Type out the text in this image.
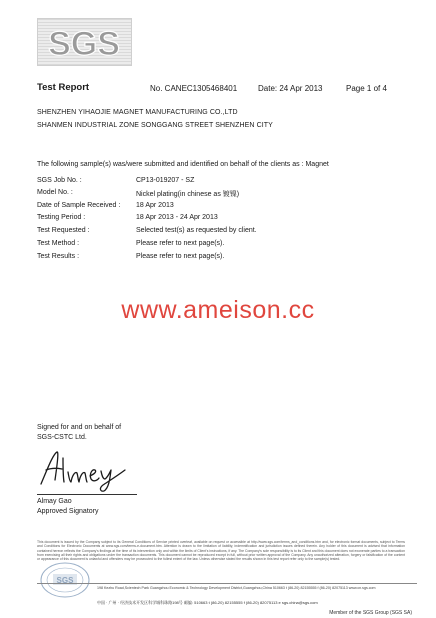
SGS
Test Report	No. CANEC1305468401	Date: 24 Apr 2013	Page 1 of 4
SHENZHEN YIHAOJIE MAGNET MANUFACTURING CO.,LTD
SHANMEN INDUSTRIAL ZONE SONGGANG STREET SHENZHEN CITY
The following sample(s) was/were submitted and identified on behalf of the clients as : Magnet
SGS Job No. :	CP13-019207 - SZ
Model No. :	Nickel plating(in chinese as 镀镍)
Date of Sample Received : 18 Apr 2013
Testing Period :	18 Apr 2013 - 24 Apr 2013
Test Requested :	Selected test(s) as requested by client.
Test Method :	Please refer to next page(s).
Test Results :	Please refer to next page(s).
www.ameison.cc
Signed for and on behalf of
SGS-CSTC Ltd.
Almay Gao
Approved Signatory
This document is issued by the Company subject to its General Conditions of Service printed overleaf, available on request or accessible at http://www.sgs.com/terms_and_conditions.htm and, for electronic format documents, subject to Terms and Conditions for Electronic Documents at www.sgs.com/terms-e-document.htm. Attention is drawn to the limitation of liability, indemnification and jurisdiction issues defined therein. Any holder of this document is advised that information contained hereon reflects the Company's findings at the time of its intervention only and within the limits of Client's instructions, if any. The Company's sole responsibility is to its Client and this document does not exonerate parties to a transaction from exercising all their rights and obligations under the transaction documents. This document cannot be reproduced except in full, without prior written approval of the Company. Any unauthorized alteration, forgery or falsification of the content or appearance of this document is unlawful and offenders may be prosecuted to the fullest extent of the law. Unless otherwise stated the results shown in this test report refer only to the sample(s) tested.
SGS
198 Kezhu Road,Scientech Park Guangzhou Economic & Technology Development District,Guangzhou,China 510663 t (86-20) 82155555 f (86-20) 82075113 www.cn.sgs.com
中国 · 广州 · 经济技术开发区科学城科珠路198号 邮编: 510663 t (86-20) 82155555 f (86-20) 82075113 e sgs.china@sgs.com
Member of the SGS Group (SGS SA)
